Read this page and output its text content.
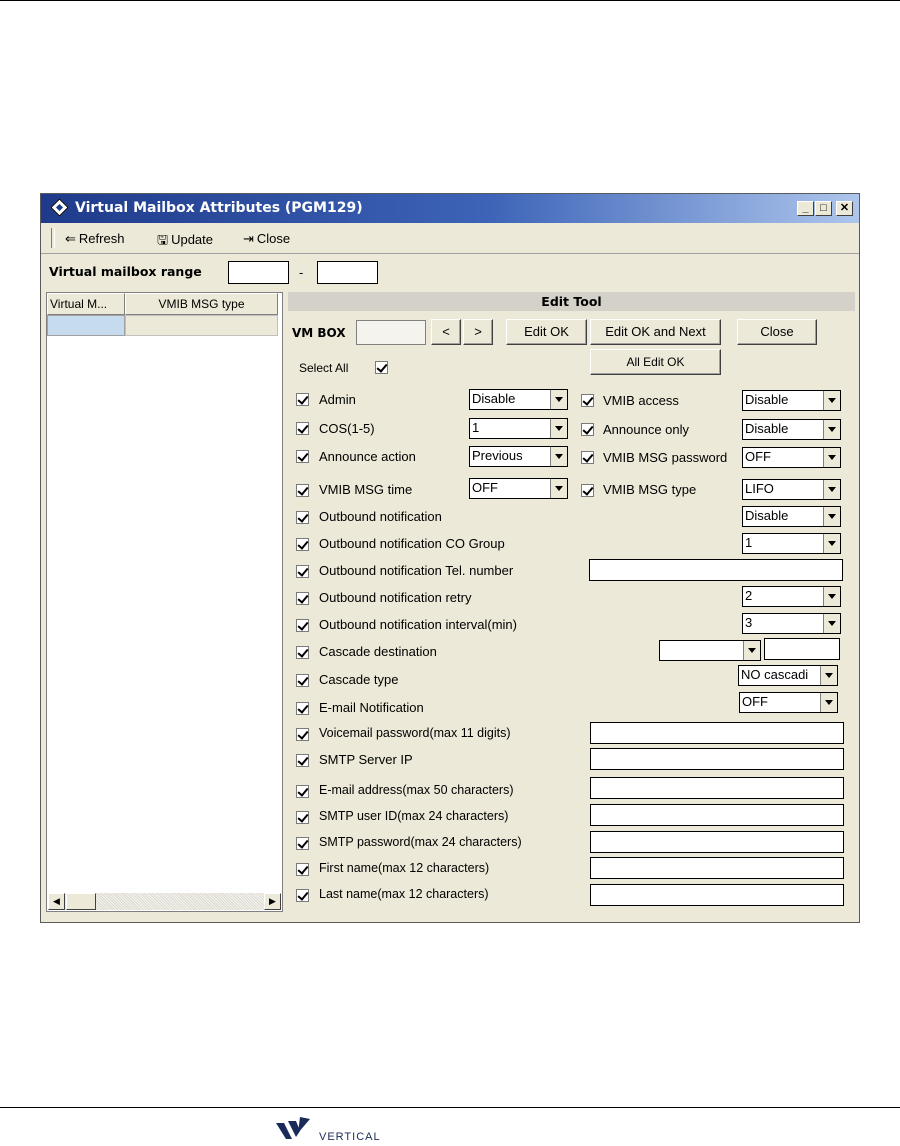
Virtual Mailbox Attributes (PGM129)	_	□	✕
⇐ Refresh	🖫 Update ⇥ Close
Virtual mailbox range	-
Virtual M...	VMIB MSG type
◀	▶
Edit Tool
VM BOX	<	>	Edit OK	Edit OK and Next	Close
All Edit OK
Select All
Admin	Disable
COS(1-5)	1
Announce action	Previous
VMIB MSG time	OFF
VMIB access	Disable
Announce only	Disable
VMIB MSG password OFF
VMIB MSG type	LIFO
Outbound notification	Disable
Outbound notification CO Group	1
Outbound notification Tel. number
Outbound notification retry	2
Outbound notification interval(min)	3
Cascade destination
Cascade type	NO cascadi
E-mail Notification	OFF
Voicemail password(max 11 digits)
SMTP Server IP
E-mail address(max 50 characters)
SMTP user ID(max 24 characters)
SMTP password(max 24 characters)
First name(max 12 characters)
Last name(max 12 characters)
VERTICAL
